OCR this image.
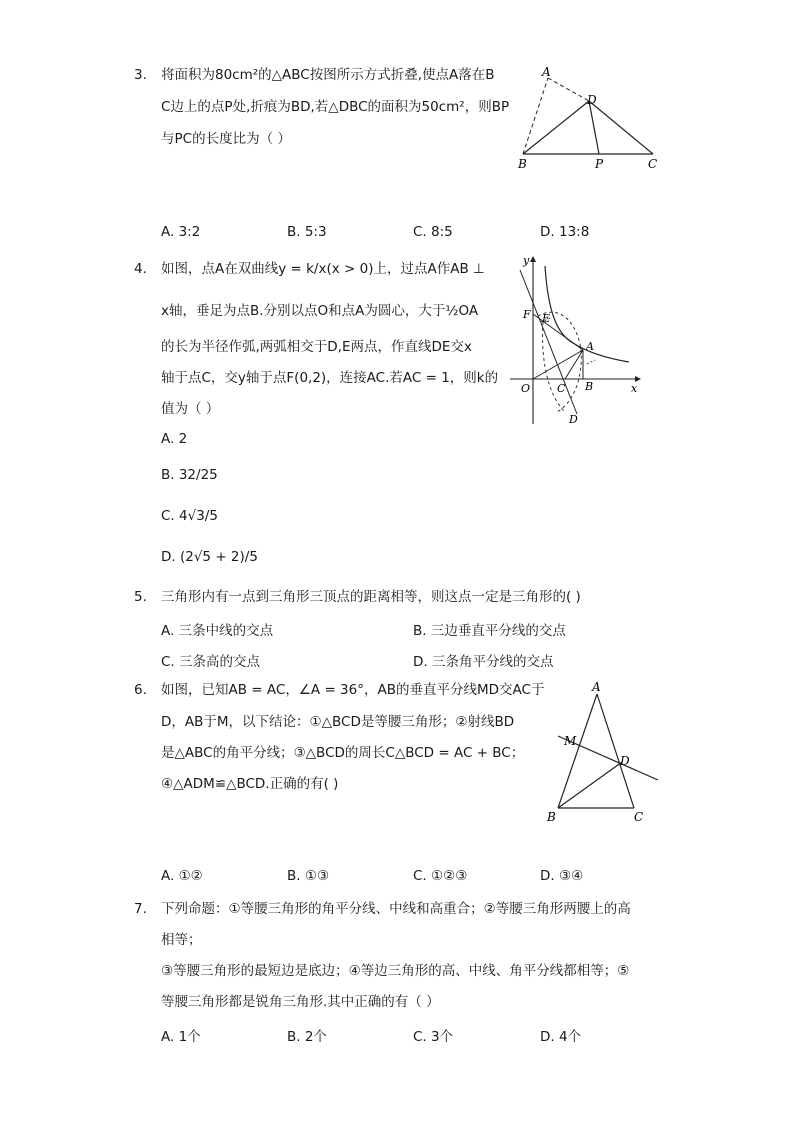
3. 将面积为80cm²的△ABC按图所示方式折叠,使点A落在B
C边上的点P处,折痕为BD,若△DBC的面积为50cm²，则BP
与PC的长度比为（ ）
A
D
B	P	C
A. 3:2	B. 5:3	C. 8:5	D. 13:8
4. 如图，点A在双曲线y = k/x(x > 0)上，过点A作AB ⊥
x轴，垂足为点B.分别以点O和点A为圆心，大于½OA
的长为半径作弧,两弧相交于D,E两点，作直线DE交x
轴于点C，交y轴于点F(0,2)，连接AC.若AC = 1，则k的
值为（ ）
y
x
O
F E
A
C B
D
A. 2
B. 32/25
C. 4√3/5
D. (2√5 + 2)/5
5. 三角形内有一点到三角形三顶点的距离相等，则这点一定是三角形的( )
A. 三条中线的交点	B. 三边垂直平分线的交点
C. 三条高的交点	D. 三条角平分线的交点
6. 如图，已知AB = AC，∠A = 36°，AB的垂直平分线MD交AC于
D，AB于M，以下结论：①△BCD是等腰三角形；②射线BD
是△ABC的角平分线；③△BCD的周长C△BCD = AC + BC；
④△ADM≌△BCD.正确的有( )
A
M
D
B	C
A. ①②	B. ①③	C. ①②③	D. ③④
7. 下列命题：①等腰三角形的角平分线、中线和高重合；②等腰三角形两腰上的高
相等；
③等腰三角形的最短边是底边；④等边三角形的高、中线、角平分线都相等；⑤
等腰三角形都是锐角三角形.其中正确的有（ ）
A. 1个	B. 2个	C. 3个	D. 4个
